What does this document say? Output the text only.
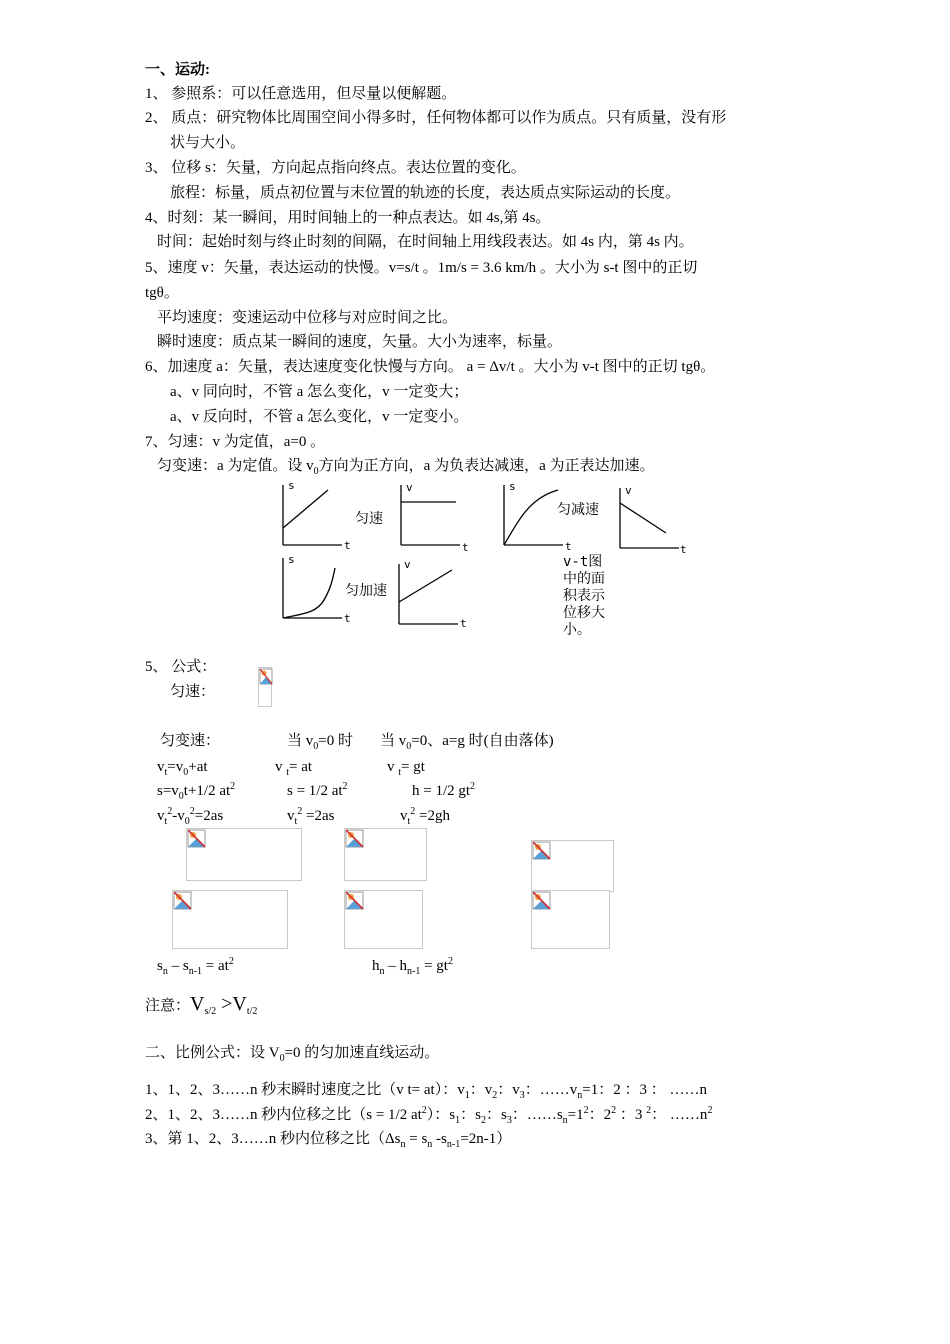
一、运动:
1、 参照系：可以任意选用，但尽量以便解题。
2、 质点：研究物体比周围空间小得多时，任何物体都可以作为质点。只有质量，没有形
状与大小。
3、 位移 s：矢量，方向起点指向终点。表达位置的变化。
旅程：标量，质点初位置与末位置的轨迹的长度，表达质点实际运动的长度。
4、时刻：某一瞬间，用时间轴上的一种点表达。如 4s,第 4s。
时间：起始时刻与终止时刻的间隔，在时间轴上用线段表达。如 4s 内，第 4s 内。
5、速度 v：矢量，表达运动的快慢。v=s/t 。1m/s = 3.6 km/h 。大小为 s-t 图中的正切
tgθ。
平均速度：变速运动中位移与对应时间之比。
瞬时速度：质点某一瞬间的速度，矢量。大小为速率，标量。
6、加速度 a：矢量，表达速度变化快慢与方向。 a = Δv/t 。大小为 v-t 图中的正切 tgθ。
a、v 同向时，不管 a 怎么变化，v 一定变大；
a、v 反向时，不管 a 怎么变化，v 一定变小。
7、匀速：v 为定值，a=0 。
匀变速：a 为定值。设 $v_0$方向为正方向，a 为负表达减速，a 为正表达加速。
s
t
v
t
s
t
v
t
s
t
v
t
匀速
匀减速
匀加速
v-t图
中的面
积表示
位移大
小。
5、 公式：
匀速：
匀变速：	当 $v_0=0$ 时 当 $v_0=0$、a=g 时(自由落体)
$v_t=v_0+at$	v $_t$= at	v $_t$= gt
$s=v_0t+1/2$ $at^2$	s = 1/2 $at^2$	h = 1/2 $gt^2$
$v_t^2-v_0^2=2as$	$v_t^2 =2as$	$v_t^2 =2gh$
$s_n - s_{n-1} = at^2$	$h_n - h_{n-1} = gt^2$
注意：$V_{s/2} >V_{t/2}$
二、比例公式：设 $V_0=0$ 的匀加速直线运动。
1、1、2、3……n 秒末瞬时速度之比（v t= at）：$v_1$：$v_2$：$v_3$：$\dots\dots v_n=1$：2 ：3 ： ……n
2、1、2、3……n 秒内位移之比（s = 1/2 $at^2$）：$s_1$：$s_2$：$s_3$：$\dots\dots s_n=1^2$：$2^2$ ：3 $^2$： $\dots\dots n^2$
3、第 1、2、3……n 秒内位移之比（$\Delta s_n = s_n$ $-s_{n-1}=2n-1$）
